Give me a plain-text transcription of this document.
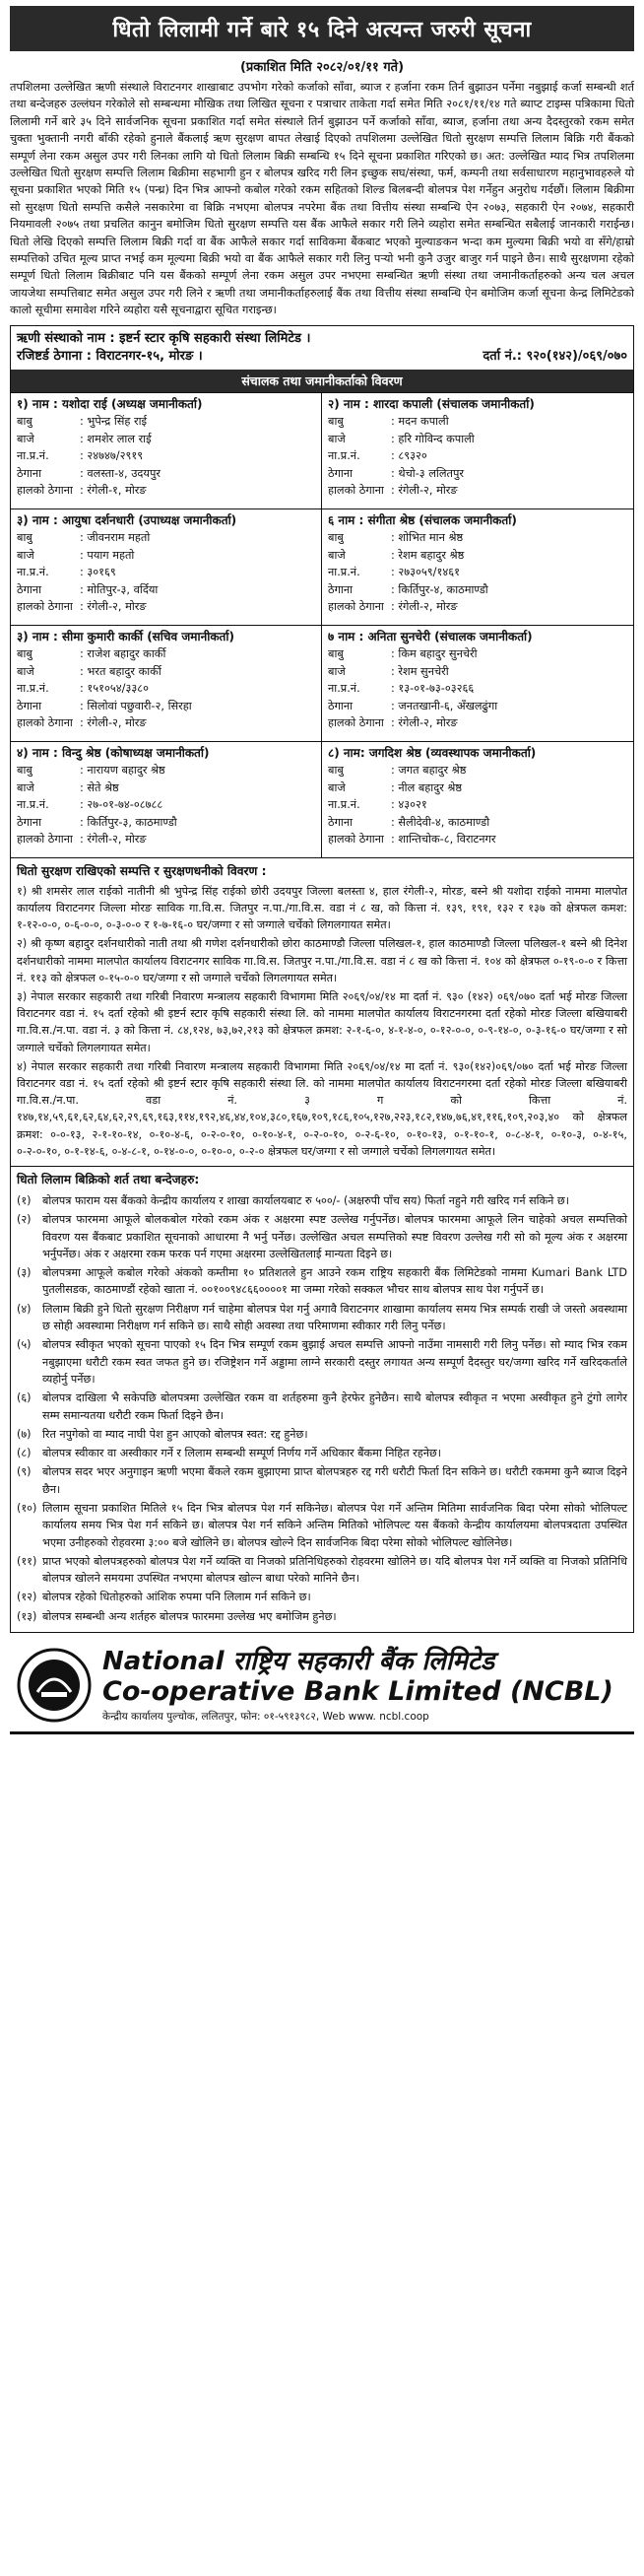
धितो लिलामी गर्ने बारे १५ दिने अत्यन्त जरुरी सूचना
(प्रकाशित मिति २०८२/०१/११ गते)
तपशिलमा उल्लेखित ऋणी संस्थाले विराटनगर शाखाबाट उपभोग गरेको कर्जाको साँवा, ब्याज र हर्जाना रकम तिर्न बुझाउन पर्नेमा नबुझाई कर्जा सम्बन्धी शर्त तथा बन्देजहरु उल्लंघन गरेकोले सो सम्बन्धमा मौखिक तथा लिखित सूचना र पत्राचार ताकेता गर्दा समेत मिति २०८१/११/१४ गते ब्याप्ट टाइम्स पत्रिकामा धितो लिलामी गर्ने बारे ३५ दिने सार्वजनिक सूचना प्रकाशित गर्दा समेत संस्थाले तिर्न बुझाउन पर्ने कर्जाको साँवा, ब्याज, हर्जाना तथा अन्य दैदस्तुरको रकम समेत चुक्ता भुक्तानी नगरी बाँकी रहेको हुनाले बैंकलाई ऋण सुरक्षण बापत लेखाई दिएको तपशिलमा उल्लेखित धितो सुरक्षण सम्पत्ति लिलाम बिक्रि गरी बैंकको सम्पूर्ण लेना रकम असुल उपर गरी लिनका लागि यो धितो लिलाम बिक्री सम्बन्धि १५ दिने सूचना प्रकाशित गरिएको छ। अत: उल्लेखित म्याद भित्र तपशिलमा उल्लेखित धितो सुरक्षण सम्पत्ति लिलाम बिक्रीमा सहभागी हुन र बोलपत्र खरिद गरी लिन इच्छुक सघ/संस्था, फर्म, कम्पनी तथा सर्वसाधारण महानुभावहरुले यो सूचना प्रकाशित भएको मिति १५ (पन्ध्र) दिन भित्र आफ्नो कबोल गरेको रकम सहितको शिल्ड बिलबन्दी बोलपत्र पेश गर्नेहुन अनुरोध गर्दछौं। लिलाम बिक्रीमा सो सुरक्षण धितो सम्पत्ति कसैले नसकारेमा वा बिक्रि नभएमा बोलपत्र नपरेमा बैंक तथा वित्तीय संस्था सम्बन्धि ऐन २०७३, सहकारी ऐन २०७४, सहकारी नियमावली २०७५ तथा प्रचलित कानुन बमोजिम धितो सुरक्षण सम्पत्ति यस बैंक आफैले सकार गरी लिने व्यहोरा समेत सम्बन्धित सबैलाई जानकारी गराईन्छ। धितो लेखि दिएको सम्पत्ति लिलाम बिक्री गर्दा वा बैंक आफैले सकार गर्दा साविकमा बैंकबाट भएको मुल्याङकन भन्दा कम मुल्यमा बिक्री भयो वा सँगे/हाम्रो सम्पत्तिको उचित मूल्य प्राप्त नभई कम मूल्यमा बिक्री भयो वा बैंक आफैले सकार गरी लिनु पऱ्यो भनी कुनै उजुर बाजुर गर्न पाइने छैन। साथै सुरक्षणमा रहेको सम्पूर्ण धितो लिलाम बिक्रीबाट पनि यस बैंकको सम्पूर्ण लेना रकम असुल उपर नभएमा सम्बन्धित ऋणी संस्था तथा जमानीकर्ताहरुको अन्य चल अचल जायजेथा सम्पत्तिबाट समेत असुल उपर गरी लिने र ऋणी तथा जमानीकर्ताहरुलाई बैंक तथा वित्तीय संस्था सम्बन्धि ऐन बमोजिम कर्जा सूचना केन्द्र लिमिटेडको कालो सूचीमा समावेश गरिने व्यहोरा यसै सूचनाद्वारा सूचित गराइन्छ।
ऋणी संस्थाको नाम : इष्टर्न स्टार कृषि सहकारी संस्था लिमिटेड ।
रजिष्टर्ड ठेगाना : विराटनगर-१५, मोरङ ।	दर्ता नं.: ९२०(१४२)/०६९/०७०
संचालक तथा जमानीकर्ताको विवरण
१) नाम : यशोदा राई (अध्यक्ष जमानीकर्ता)
बाबु	: भुपेन्द्र सिंह राई
बाजे	: शमशेर लाल राई
ना.प्र.नं.	: २४७४७/२९१९
ठेगाना	: वलस्ता-४, उदयपुर
हालको ठेगाना : रंगेली-१, मोरङ
२) नाम : शारदा कपाली (संचालक जमानीकर्ता)
बाबु	: मदन कपाली
बाजे	: हरि गोविन्द कपाली
ना.प्र.नं.	: ८९३२०
ठेगाना	: थेचो-३ ललितपुर
हालको ठेगाना : रंगेली-२, मोरङ
३) नाम : आयुषा दर्शनधारी (उपाध्यक्ष जमानीकर्ता)
बाबु	: जीवनराम महतो
बाजे	: पयाग महतो
ना.प्र.नं.	: ३०१६९
ठेगाना	: मोतिपुर-३, वर्दिया
हालको ठेगाना : रंगेली-२, मोरङ
६ नाम : संगीता श्रेष्ठ (संचालक जमानीकर्ता)
बाबु	: शोभित मान श्रेष्ठ
बाजे	: रेशम बहादुर श्रेष्ठ
ना.प्र.नं.	: २७३०५९/१४६१
ठेगाना	: किर्तिपुर-४, काठमाण्डौ
हालको ठेगाना : रंगेली-२, मोरङ
३) नाम : सीमा कुमारी कार्की (सचिव जमानीकर्ता)
बाबु	: राजेश बहादुर कार्की
बाजे	: भरत बहादुर कार्की
ना.प्र.नं.	: १५१०५४/३३८०
ठेगाना	: सिलोवां पछुवारी-२, सिरहा
हालको ठेगाना : रंगेली-२, मोरङ
७ नाम : अनिता सुनचेरी (संचालक जमानीकर्ता)
बाबु	: किम बहादुर सुनचेरी
बाजे	: रेशम सुनचेरी
ना.प्र.नं.	: १३-०१-७३-०३२६६
ठेगाना	: जनतखानी-६, अँखलढुंगा
हालको ठेगाना : रंगेली-२, मोरङ
४) नाम : विन्दु श्रेष्ठ (कोषाध्यक्ष जमानीकर्ता)
बाबु	: नारायण बहादुर श्रेष्ठ
बाजे	: सेते श्रेष्ठ
ना.प्र.नं.	: २७-०१-७४-०८७८८
ठेगाना	: किर्तिपुर-३, काठमाण्डौ
हालको ठेगाना : रंगेली-२, मोरङ
८) नाम: जगदिश श्रेष्ठ (व्यवस्थापक जमानीकर्ता)
बाबु	: जगत बहादुर श्रेष्ठ
बाजे	: नील बहादुर श्रेष्ठ
ना.प्र.नं.	: ४३०२१
ठेगाना	: सैलीदेवी-४, काठमाण्डौ
हालको ठेगाना : शान्तिचोक-८, विराटनगर
धितो सुरक्षण राखिएको सम्पत्ति र सुरक्षणधनीको विवरण :

१) श्री शमसेर लाल राईको नातीनी श्री भुपेन्द्र सिंह राईको छोरी उदयपुर जिल्ला बलस्ता ४, हाल रंगेली-२, मोरङ, बस्ने श्री यशोदा राईको नाममा मालपोत कार्यालय विराटनगर जिल्ला मोरङ साविक गा.वि.स. जितपुर न.पा./गा.वि.स. वडा नं ८ ख, को कित्ता नं. १३९, १९१, १३२ र १३७ को क्षेत्रफल कमश: १-१२-०-०, ०-६-०-०, ०-३-०-० र १-७-१६-० घर/जग्गा र सो जग्गाले चर्चेको लिगलगायत समेत।

२) श्री कृष्ण बहादुर दर्शनधारीको नाती तथा श्री गणेश दर्शनधारीको छोरा काठमाण्डौ जिल्ला पलिखल-१, हाल काठमाण्डौ जिल्ला पलिखल-१ बस्ने श्री दिनेश दर्शनधारीको नाममा मालपोत कार्यालय विराटनगर साविक गा.वि.स. जितपुर न.पा./गा.वि.स. वडा नं ८ ख को कित्ता नं. १०४ को क्षेत्रफल ०-१९-०-० र कित्ता नं. ११३ को क्षेत्रफल ०-१५-०-० घर/जग्गा र सो जग्गाले चर्चेको लिगलगायत समेत।

३) नेपाल सरकार सहकारी तथा गरिबी निवारण मन्त्रालय सहकारी विभागमा मिति २०६९/०४/१४ मा दर्ता नं. ९३० (१४२) ०६९/०७० दर्ता भई मोरङ जिल्ला विराटनगर वडा नं. १५ दर्ता रहेको श्री इष्टर्न स्टार कृषि सहकारी संस्था लि. को नाममा मालपोत कार्यालय विराटनगरमा दर्ता रहेको मोरङ जिल्ला बखियाबरी गा.वि.स./न.पा. वडा नं. ३ को कित्ता नं. ८४,१२४, ७३,७२,२१३ को क्षेत्रफल क्रमश: २-१-६-०, ४-१-४-०, ०-१२-०-०, ०-९-१४-०, ०-३-१६-० घर/जग्गा र सो जग्गाले चर्चेको लिगलगायत समेत।

४) नेपाल सरकार सहकारी तथा गरिबी निवारण मन्त्रालय सहकारी विभागमा मिति २०६९/०४/१४ मा दर्ता नं. ९३०(१४२)०६९/०७० दर्ता भई मोरङ जिल्ला विराटनगर वडा नं. १५ दर्ता रहेको श्री इष्टर्न स्टार कृषि सहकारी संस्था लि. को नाममा मालपोत कार्यालय विराटनगरमा दर्ता रहेको मोरङ जिल्ला बखियाबरी गा.वि.स./न.पा. वडा नं. ३ ग को कित्ता नं. १४७,१४,५९,६१,६२,६४,६२,२९,६९,१६३,११४,१९२,४६,४४,१०४,३८०,१६७,१०९,१८६,१०५,१२७,२२३,१८२,१४७,७६,४१,११६,१०९,२०३,४० को क्षेत्रफल क्रमश: ०-०-१३, २-१-१०-१४, ०-१०-४-६, ०-२-०-१०, ०-१०-४-१, ०-२-०-१०, ०-२-६-१०, ०-१०-१३, ०-१-१०-१, ०-८-४-१, ०-१०-३, ०-४-१५, ०-२-०-१०, ०-१-१४-६, ०-४-८-१, ०-१४-०-०, ०-१०-०, ०-२-० क्षेत्रफल घर/जग्गा र सो जग्गाले चर्चेको लिगलगायत समेत।

धितो लिलाम बिक्रिको शर्त तथा बन्देजहरु:
(१)	बोलपत्र फाराम यस बैंकको केन्द्रीय कार्यालय र शाखा कार्यालयबाट रु ५००/- (अक्षरुपी पाँच सय) फिर्ता नहुने गरी खरिद गर्न सकिने छ।
(२)	बोलपत्र फारममा आफूले बोलकबोल गरेको रकम अंक र अक्षरमा स्पष्ट उल्लेख गर्नुपर्नेछ। बोलपत्र फारममा आफूले लिन चाहेको अचल सम्पत्तिको विवरण यस बैंकबाट प्रकाशित सूचनाको आधारमा नै भर्नु पर्नेछ। उल्लेखित अचल सम्पत्तिको स्पष्ट विवरण उल्लेख गरी सो को मूल्य अंक र अक्षरमा भर्नुपर्नेछ। अंक र अक्षरमा रकम फरक पर्न गएमा अक्षरमा उल्लेखितलाई मान्यता दिइने छ।
(३)	बोलपत्रमा आफूले कबोल गरेको अंकको कम्तीमा १० प्रतिशतले हुन आउने रकम राष्ट्रिय सहकारी बैंक लिमिटेडको नाममा Kumari Bank LTD पुतलीसडक, काठमाण्डौं रहेको खाता नं. ००१००९४८६६००००१ मा जम्मा गरेको सक्कल भौचर साथ बोलपत्र साथ पेश गर्नुपर्ने छ।
(४)	लिलाम बिक्री हुने धितो सुरक्षण निरीक्षण गर्न चाहेमा बोलपत्र पेश गर्नु अगावै विराटनगर शाखामा कार्यालय समय भित्र सम्पर्क राखी जे जस्तो अवस्थामा छ सोही अवस्थामा निरीक्षण गर्न सकिने छ। साथै सोही अवस्था तथा परिमाणमा स्वीकार गरी लिनु पर्नेछ।
(५)	बोलपत्र स्वीकृत भएको सूचना पाएको १५ दिन भित्र सम्पूर्ण रकम बुझाई अचल सम्पत्ति आफ्नो नाउँमा नामसारी गरी लिनु पर्नेछ। सो म्याद भित्र रकम नबुझाएमा धरौटी रकम स्वत जफत हुने छ। रजिष्ट्रेशन गर्ने अड्डामा लाग्ने सरकारी दस्तुर लगायत अन्य सम्पूर्ण दैदस्तुर घर/जग्गा खरिद गर्ने खरिदकर्ताले व्यहोर्नु पर्नेछ।
(६)	बोलपत्र दाखिला भै सकेपछि बोलपत्रमा उल्लेखित रकम वा शर्तहरुमा कुनै हेरफेर हुनेछैन। साथै बोलपत्र स्वीकृत न भएमा अस्वीकृत हुने टुंगो लागेर सम्म समान्यतया धरौटी रकम फिर्ता दिइने छैन।
(७)	रित नपुगेको वा म्याद नाघी पेश हुन आएको बोलपत्र स्वत: रद्द हुनेछ।
(८)	बोलपत्र स्वीकार वा अस्वीकार गर्ने र लिलाम सम्बन्धी सम्पूर्ण निर्णय गर्ने अधिकार बैंकमा निहित रहनेछ।
(९)	बोलपत्र सदर भएर अनुगाइन ऋणी भएमा बैंकले रकम बुझाएमा प्राप्त बोलपत्रहरु रद्द गरी धरौटी फिर्ता दिन सकिने छ। धरौटी रकममा कुनै ब्याज दिइने छैन।
(१०) लिलाम सूचना प्रकाशित मितिले १५ दिन भित्र बोलपत्र पेश गर्न सकिनेछ। बोलपत्र पेश गर्ने अन्तिम मितिमा सार्वजनिक बिदा परेमा सोको भोलिपल्ट कार्यालय समय भित्र पेश गर्न सकिने छ। बोलपत्र पेश गर्न सकिने अन्तिम मितिको भोलिपल्ट यस बैंकको केन्द्रीय कार्यालयमा बोलपत्रदाता उपस्थित भएमा उनीहरुको रोहवरमा ३:०० बजे खोलिने छ। बोलपत्र खोल्ने दिन सार्वजनिक बिदा परेमा सोको भोलिपल्ट खोलिनेछ।
(११) प्राप्त भएको बोलपत्रहरुको बोलपत्र पेश गर्ने व्यक्ति वा निजको प्रतिनिधिहरुको रोहवरमा खोलिने छ। यदि बोलपत्र पेश गर्ने व्यक्ति वा निजको प्रतिनिधि बोलपत्र खोलने समयमा उपस्थित नभएमा बोलपत्र खोल्न बाधा परेको मानिने छैन।
(१२) बोलपत्र रहेको धितोहरुको आंशिक रुपमा पनि लिलाम गर्न सकिने छ।
(१३) बोलपत्र सम्बन्धी अन्य शर्तहरु बोलपत्र फारममा उल्लेख भए बमोजिम हुनेछ।
National राष्ट्रिय सहकारी बैंक लिमिटेड
Co-operative Bank Limited (NCBL)
केन्द्रीय कार्यालय पुल्चोक, ललितपुर, फोन: ०१-५९१३९८२, Web www. ncbl.coop
